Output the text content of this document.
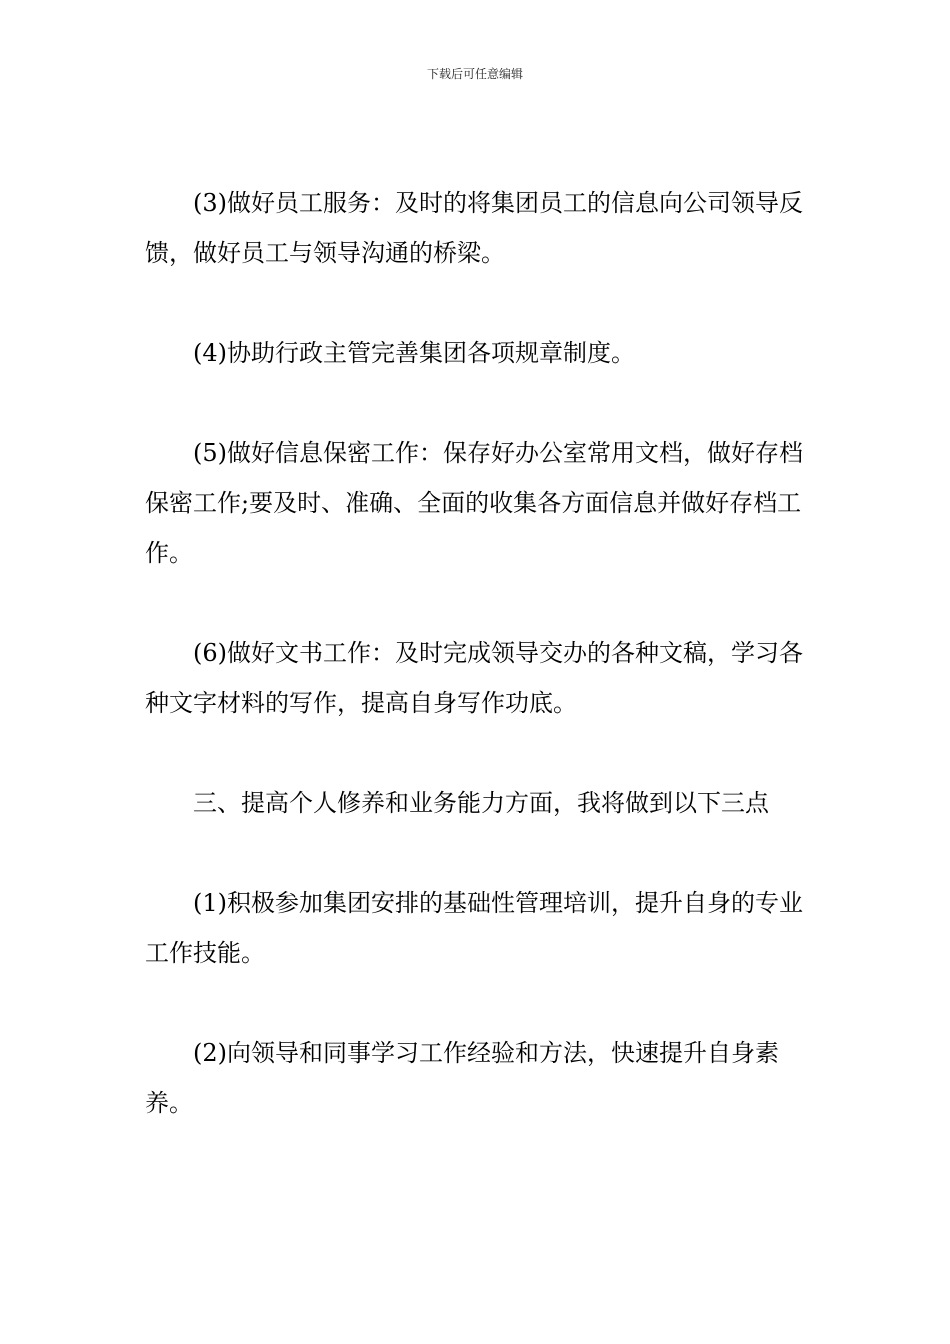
下载后可任意编辑

(3)做好员工服务：及时的将集团员工的信息向公司领导反馈，做好员工与领导沟通的桥梁。

(4)协助行政主管完善集团各项规章制度。

(5)做好信息保密工作：保存好办公室常用文档，做好存档保密工作;要及时、准确、全面的收集各方面信息并做好存档工作。

(6)做好文书工作：及时完成领导交办的各种文稿，学习各种文字材料的写作，提高自身写作功底。

三、提高个人修养和业务能力方面，我将做到以下三点

(1)积极参加集团安排的基础性管理培训，提升自身的专业工作技能。

(2)向领导和同事学习工作经验和方法，快速提升自身素养。
